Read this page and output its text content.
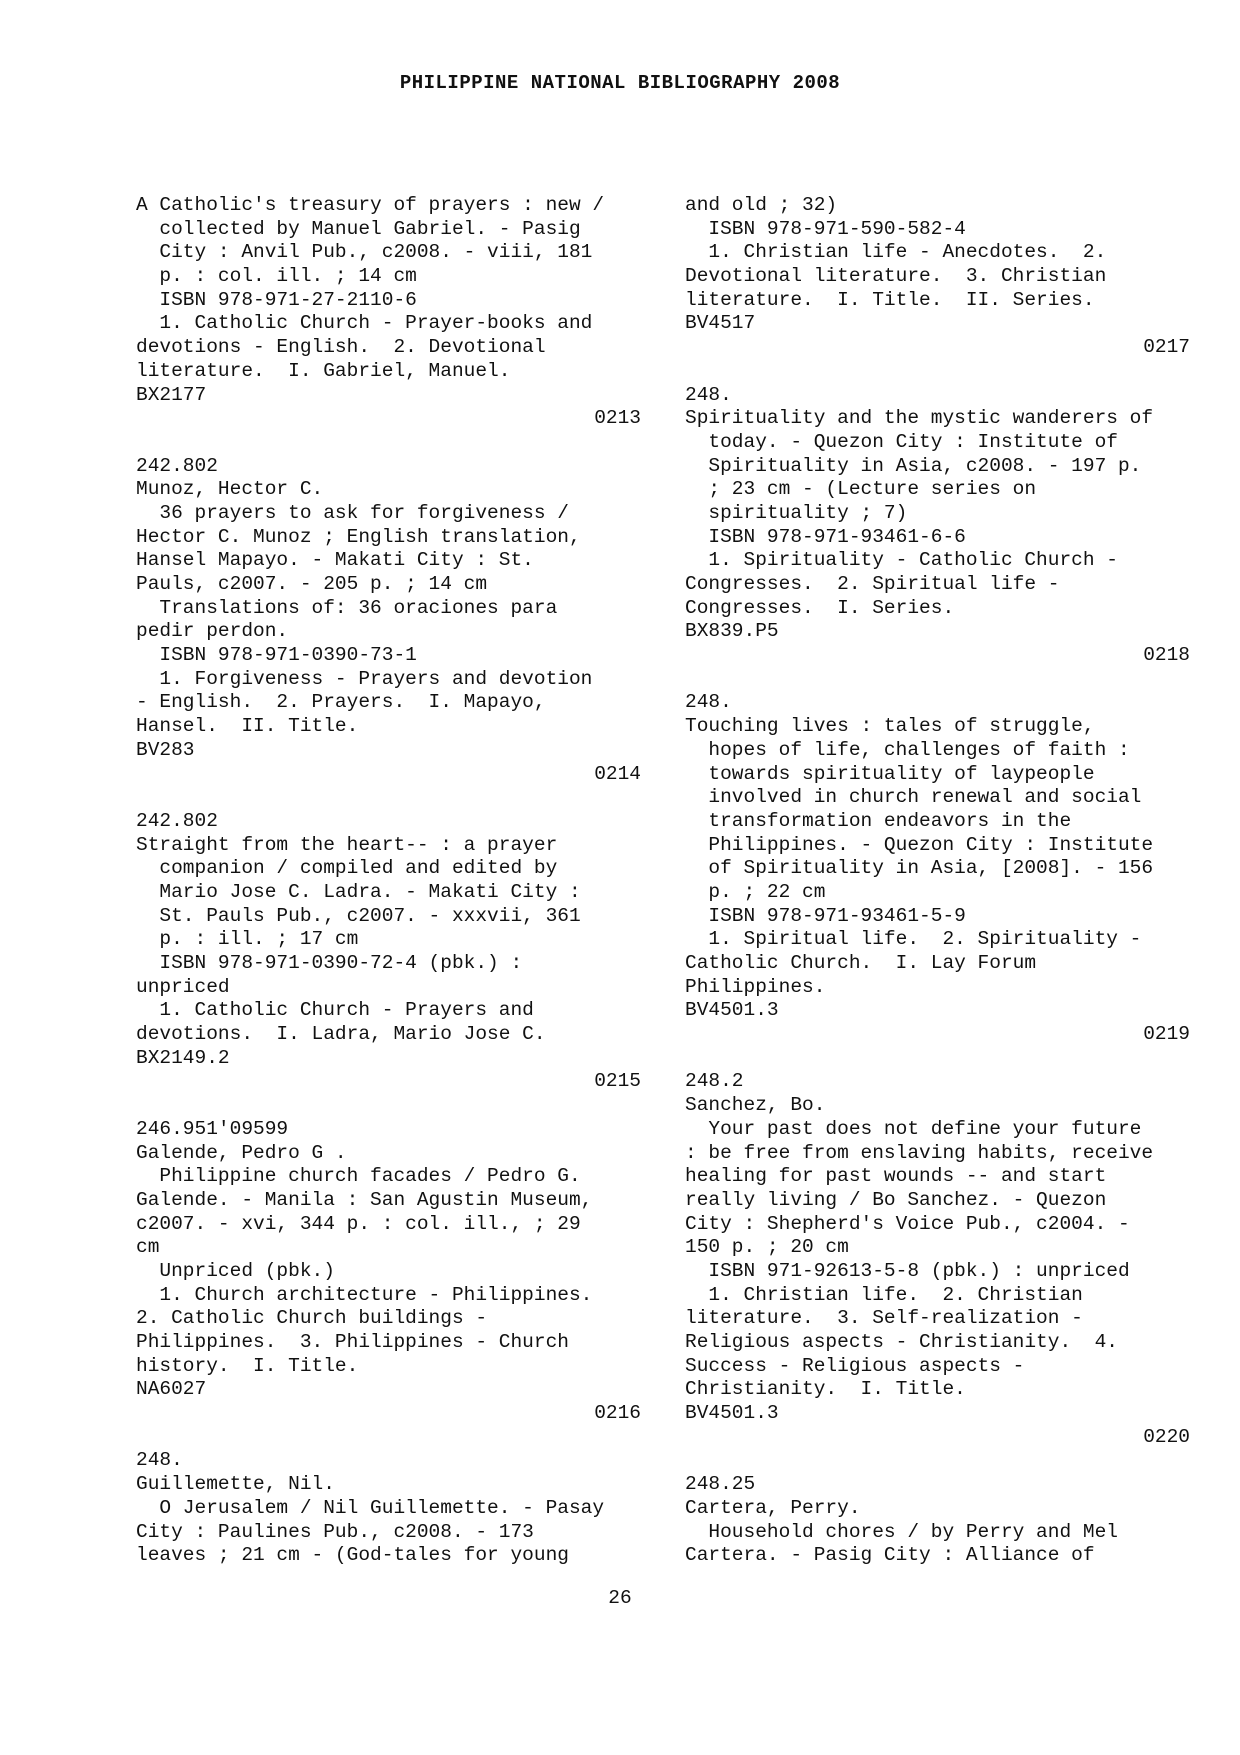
PHILIPPINE NATIONAL BIBLIOGRAPHY 2008
A Catholic's treasury of prayers : new /
collected by Manuel Gabriel. - Pasig
City : Anvil Pub., c2008. - viii, 181
p. : col. ill. ; 14 cm
ISBN 978-971-27-2110-6
1. Catholic Church - Prayer-books and
devotions - English.  2. Devotional
literature.  I. Gabriel, Manuel.
BX2177
0213
242.802
Munoz, Hector C.
36 prayers to ask for forgiveness /
Hector C. Munoz ; English translation,
Hansel Mapayo. - Makati City : St.
Pauls, c2007. - 205 p. ; 14 cm
Translations of: 36 oraciones para
pedir perdon.
ISBN 978-971-0390-73-1
1. Forgiveness - Prayers and devotion
- English.  2. Prayers.  I. Mapayo,
Hansel.  II. Title.
BV283
0214
242.802
Straight from the heart-- : a prayer
companion / compiled and edited by
Mario Jose C. Ladra. - Makati City :
St. Pauls Pub., c2007. - xxxvii, 361
p. : ill. ; 17 cm
ISBN 978-971-0390-72-4 (pbk.) :
unpriced
1. Catholic Church - Prayers and
devotions.  I. Ladra, Mario Jose C.
BX2149.2
0215
246.951'09599
Galende, Pedro G .
Philippine church facades / Pedro G.
Galende. - Manila : San Agustin Museum,
c2007. - xvi, 344 p. : col. ill., ; 29
cm
Unpriced (pbk.)
1. Church architecture - Philippines.
2. Catholic Church buildings -
Philippines.  3. Philippines - Church
history.  I. Title.
NA6027
0216
248.
Guillemette, Nil.
O Jerusalem / Nil Guillemette. - Pasay
City : Paulines Pub., c2008. - 173
leaves ; 21 cm - (God-tales for young
and old ; 32)
ISBN 978-971-590-582-4
1. Christian life - Anecdotes.  2.
Devotional literature.  3. Christian
literature.  I. Title.  II. Series.
BV4517
0217
248.
Spirituality and the mystic wanderers of
today. - Quezon City : Institute of
Spirituality in Asia, c2008. - 197 p.
; 23 cm - (Lecture series on
spirituality ; 7)
ISBN 978-971-93461-6-6
1. Spirituality - Catholic Church -
Congresses.  2. Spiritual life -
Congresses.  I. Series.
BX839.P5
0218
248.
Touching lives : tales of struggle,
hopes of life, challenges of faith :
towards spirituality of laypeople
involved in church renewal and social
transformation endeavors in the
Philippines. - Quezon City : Institute
of Spirituality in Asia, [2008]. - 156
p. ; 22 cm
ISBN 978-971-93461-5-9
1. Spiritual life.  2. Spirituality -
Catholic Church.  I. Lay Forum
Philippines.
BV4501.3
0219
248.2
Sanchez, Bo.
Your past does not define your future
: be free from enslaving habits, receive
healing for past wounds -- and start
really living / Bo Sanchez. - Quezon
City : Shepherd's Voice Pub., c2004. -
150 p. ; 20 cm
ISBN 971-92613-5-8 (pbk.) : unpriced
1. Christian life.  2. Christian
literature.  3. Self-realization -
Religious aspects - Christianity.  4.
Success - Religious aspects -
Christianity.  I. Title.
BV4501.3
0220
248.25
Cartera, Perry.
Household chores / by Perry and Mel
Cartera. - Pasig City : Alliance of
26
